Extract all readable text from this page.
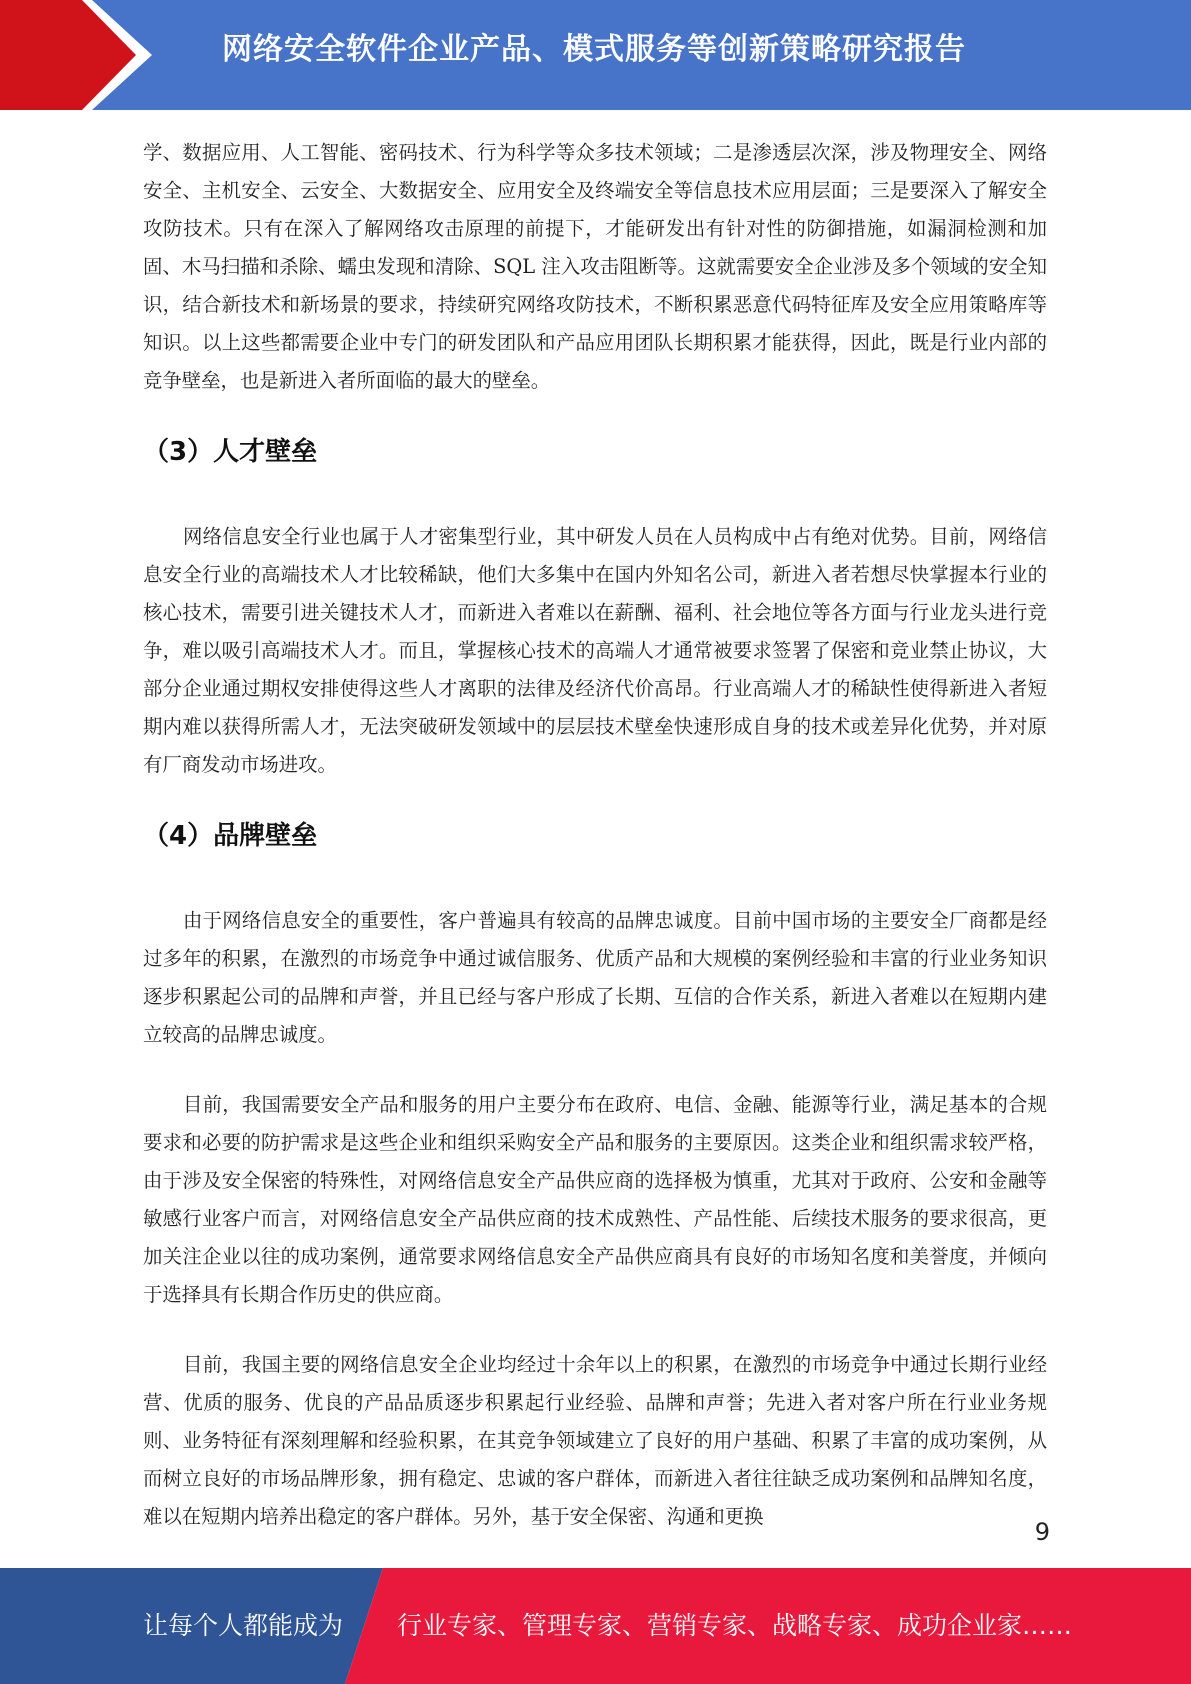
网络安全软件企业产品、模式服务等创新策略研究报告

学、数据应用、人工智能、密码技术、行为科学等众多技术领域；二是渗透层次深，涉及物理安全、网络安全、主机安全、云安全、大数据安全、应用安全及终端安全等信息技术应用层面；三是要深入了解安全攻防技术。只有在深入了解网络攻击原理的前提下，才能研发出有针对性的防御措施，如漏洞检测和加固、木马扫描和杀除、蠕虫发现和清除、SQL 注入攻击阻断等。这就需要安全企业涉及多个领域的安全知识，结合新技术和新场景的要求，持续研究网络攻防技术，不断积累恶意代码特征库及安全应用策略库等知识。以上这些都需要企业中专门的研发团队和产品应用团队长期积累才能获得，因此，既是行业内部的竞争壁垒，也是新进入者所面临的最大的壁垒。

（3）人才壁垒

网络信息安全行业也属于人才密集型行业，其中研发人员在人员构成中占有绝对优势。目前，网络信息安全行业的高端技术人才比较稀缺，他们大多集中在国内外知名公司，新进入者若想尽快掌握本行业的核心技术，需要引进关键技术人才，而新进入者难以在薪酬、福利、社会地位等各方面与行业龙头进行竞争，难以吸引高端技术人才。而且，掌握核心技术的高端人才通常被要求签署了保密和竞业禁止协议，大部分企业通过期权安排使得这些人才离职的法律及经济代价高昂。行业高端人才的稀缺性使得新进入者短期内难以获得所需人才，无法突破研发领域中的层层技术壁垒快速形成自身的技术或差异化优势，并对原有厂商发动市场进攻。

（4）品牌壁垒

由于网络信息安全的重要性，客户普遍具有较高的品牌忠诚度。目前中国市场的主要安全厂商都是经过多年的积累，在激烈的市场竞争中通过诚信服务、优质产品和大规模的案例经验和丰富的行业业务知识逐步积累起公司的品牌和声誉，并且已经与客户形成了长期、互信的合作关系，新进入者难以在短期内建立较高的品牌忠诚度。

目前，我国需要安全产品和服务的用户主要分布在政府、电信、金融、能源等行业，满足基本的合规要求和必要的防护需求是这些企业和组织采购安全产品和服务的主要原因。这类企业和组织需求较严格，由于涉及安全保密的特殊性，对网络信息安全产品供应商的选择极为慎重，尤其对于政府、公安和金融等敏感行业客户而言，对网络信息安全产品供应商的技术成熟性、产品性能、后续技术服务的要求很高，更加关注企业以往的成功案例，通常要求网络信息安全产品供应商具有良好的市场知名度和美誉度，并倾向于选择具有长期合作历史的供应商。

目前，我国主要的网络信息安全企业均经过十余年以上的积累，在激烈的市场竞争中通过长期行业经营、优质的服务、优良的产品品质逐步积累起行业经验、品牌和声誉；先进入者对客户所在行业业务规则、业务特征有深刻理解和经验积累，在其竞争领域建立了良好的用户基础、积累了丰富的成功案例，从而树立良好的市场品牌形象，拥有稳定、忠诚的客户群体，而新进入者往往缺乏成功案例和品牌知名度，难以在短期内培养出稳定的客户群体。另外，基于安全保密、沟通和更换

9
让每个人都能成为 行业专家、管理专家、营销专家、战略专家、成功企业家……
